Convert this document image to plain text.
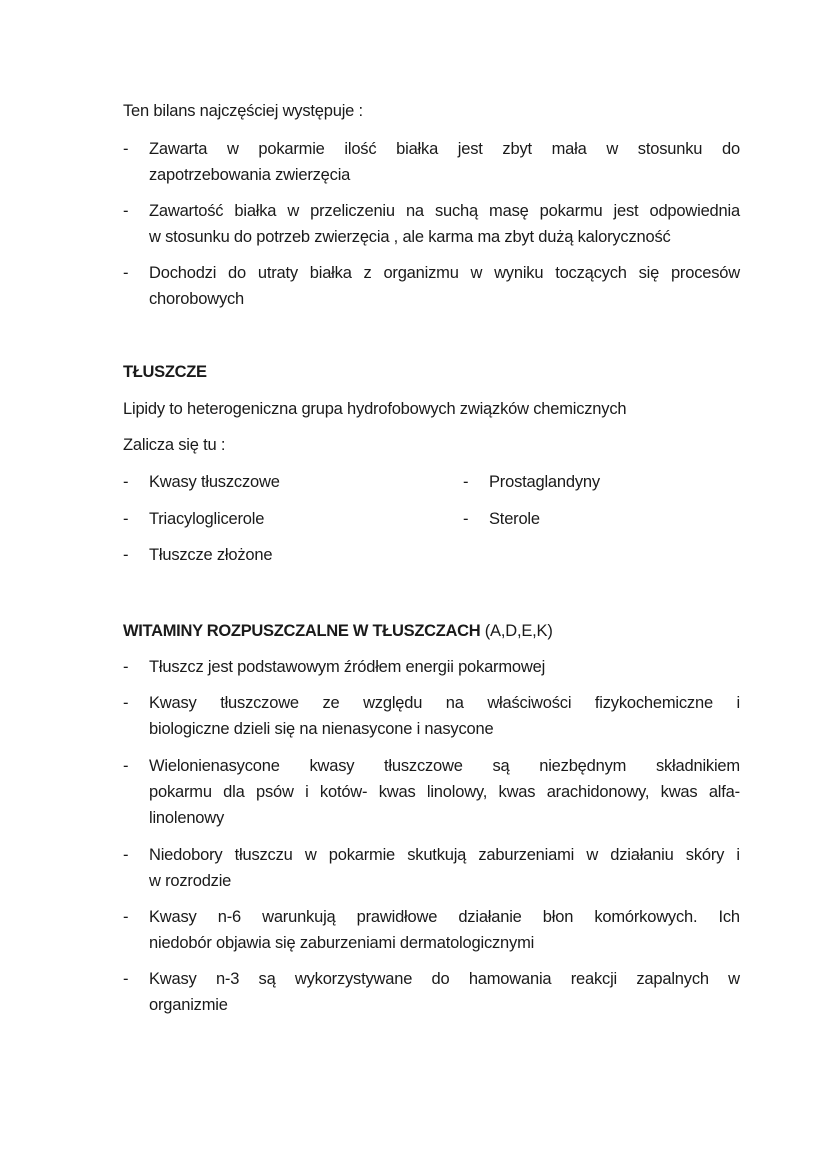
Ten bilans najczęściej występuje :
- Zawarta w pokarmie ilość białka jest zbyt mała w stosunku do
zapotrzebowania zwierzęcia
- Zawartość białka w przeliczeniu na suchą masę pokarmu jest odpowiednia
w stosunku do potrzeb zwierzęcia , ale karma ma zbyt dużą kaloryczność
- Dochodzi do utraty białka z organizmu w wyniku toczących się procesów
chorobowych
TŁUSZCZE
Lipidy to heterogeniczna grupa hydrofobowych związków chemicznych
Zalicza się tu :
- Kwasy tłuszczowe
- Triacyloglicerole
- Tłuszcze złożone
- Prostaglandyny
- Sterole
WITAMINY ROZPUSZCZALNE W TŁUSZCZACH (A,D,E,K)
- Tłuszcz jest podstawowym źródłem energii pokarmowej
- Kwasy tłuszczowe ze względu na właściwości fizykochemiczne i
biologiczne dzieli się na nienasycone i nasycone
- Wielonienasycone kwasy tłuszczowe są niezbędnym składnikiem
pokarmu dla psów i kotów- kwas linolowy, kwas arachidonowy, kwas alfa-
linolenowy
- Niedobory tłuszczu w pokarmie skutkują zaburzeniami w działaniu skóry i
w rozrodzie
- Kwasy n-6 warunkują prawidłowe działanie błon komórkowych. Ich
niedobór objawia się zaburzeniami dermatologicznymi
- Kwasy n-3 są wykorzystywane do hamowania reakcji zapalnych w
organizmie
